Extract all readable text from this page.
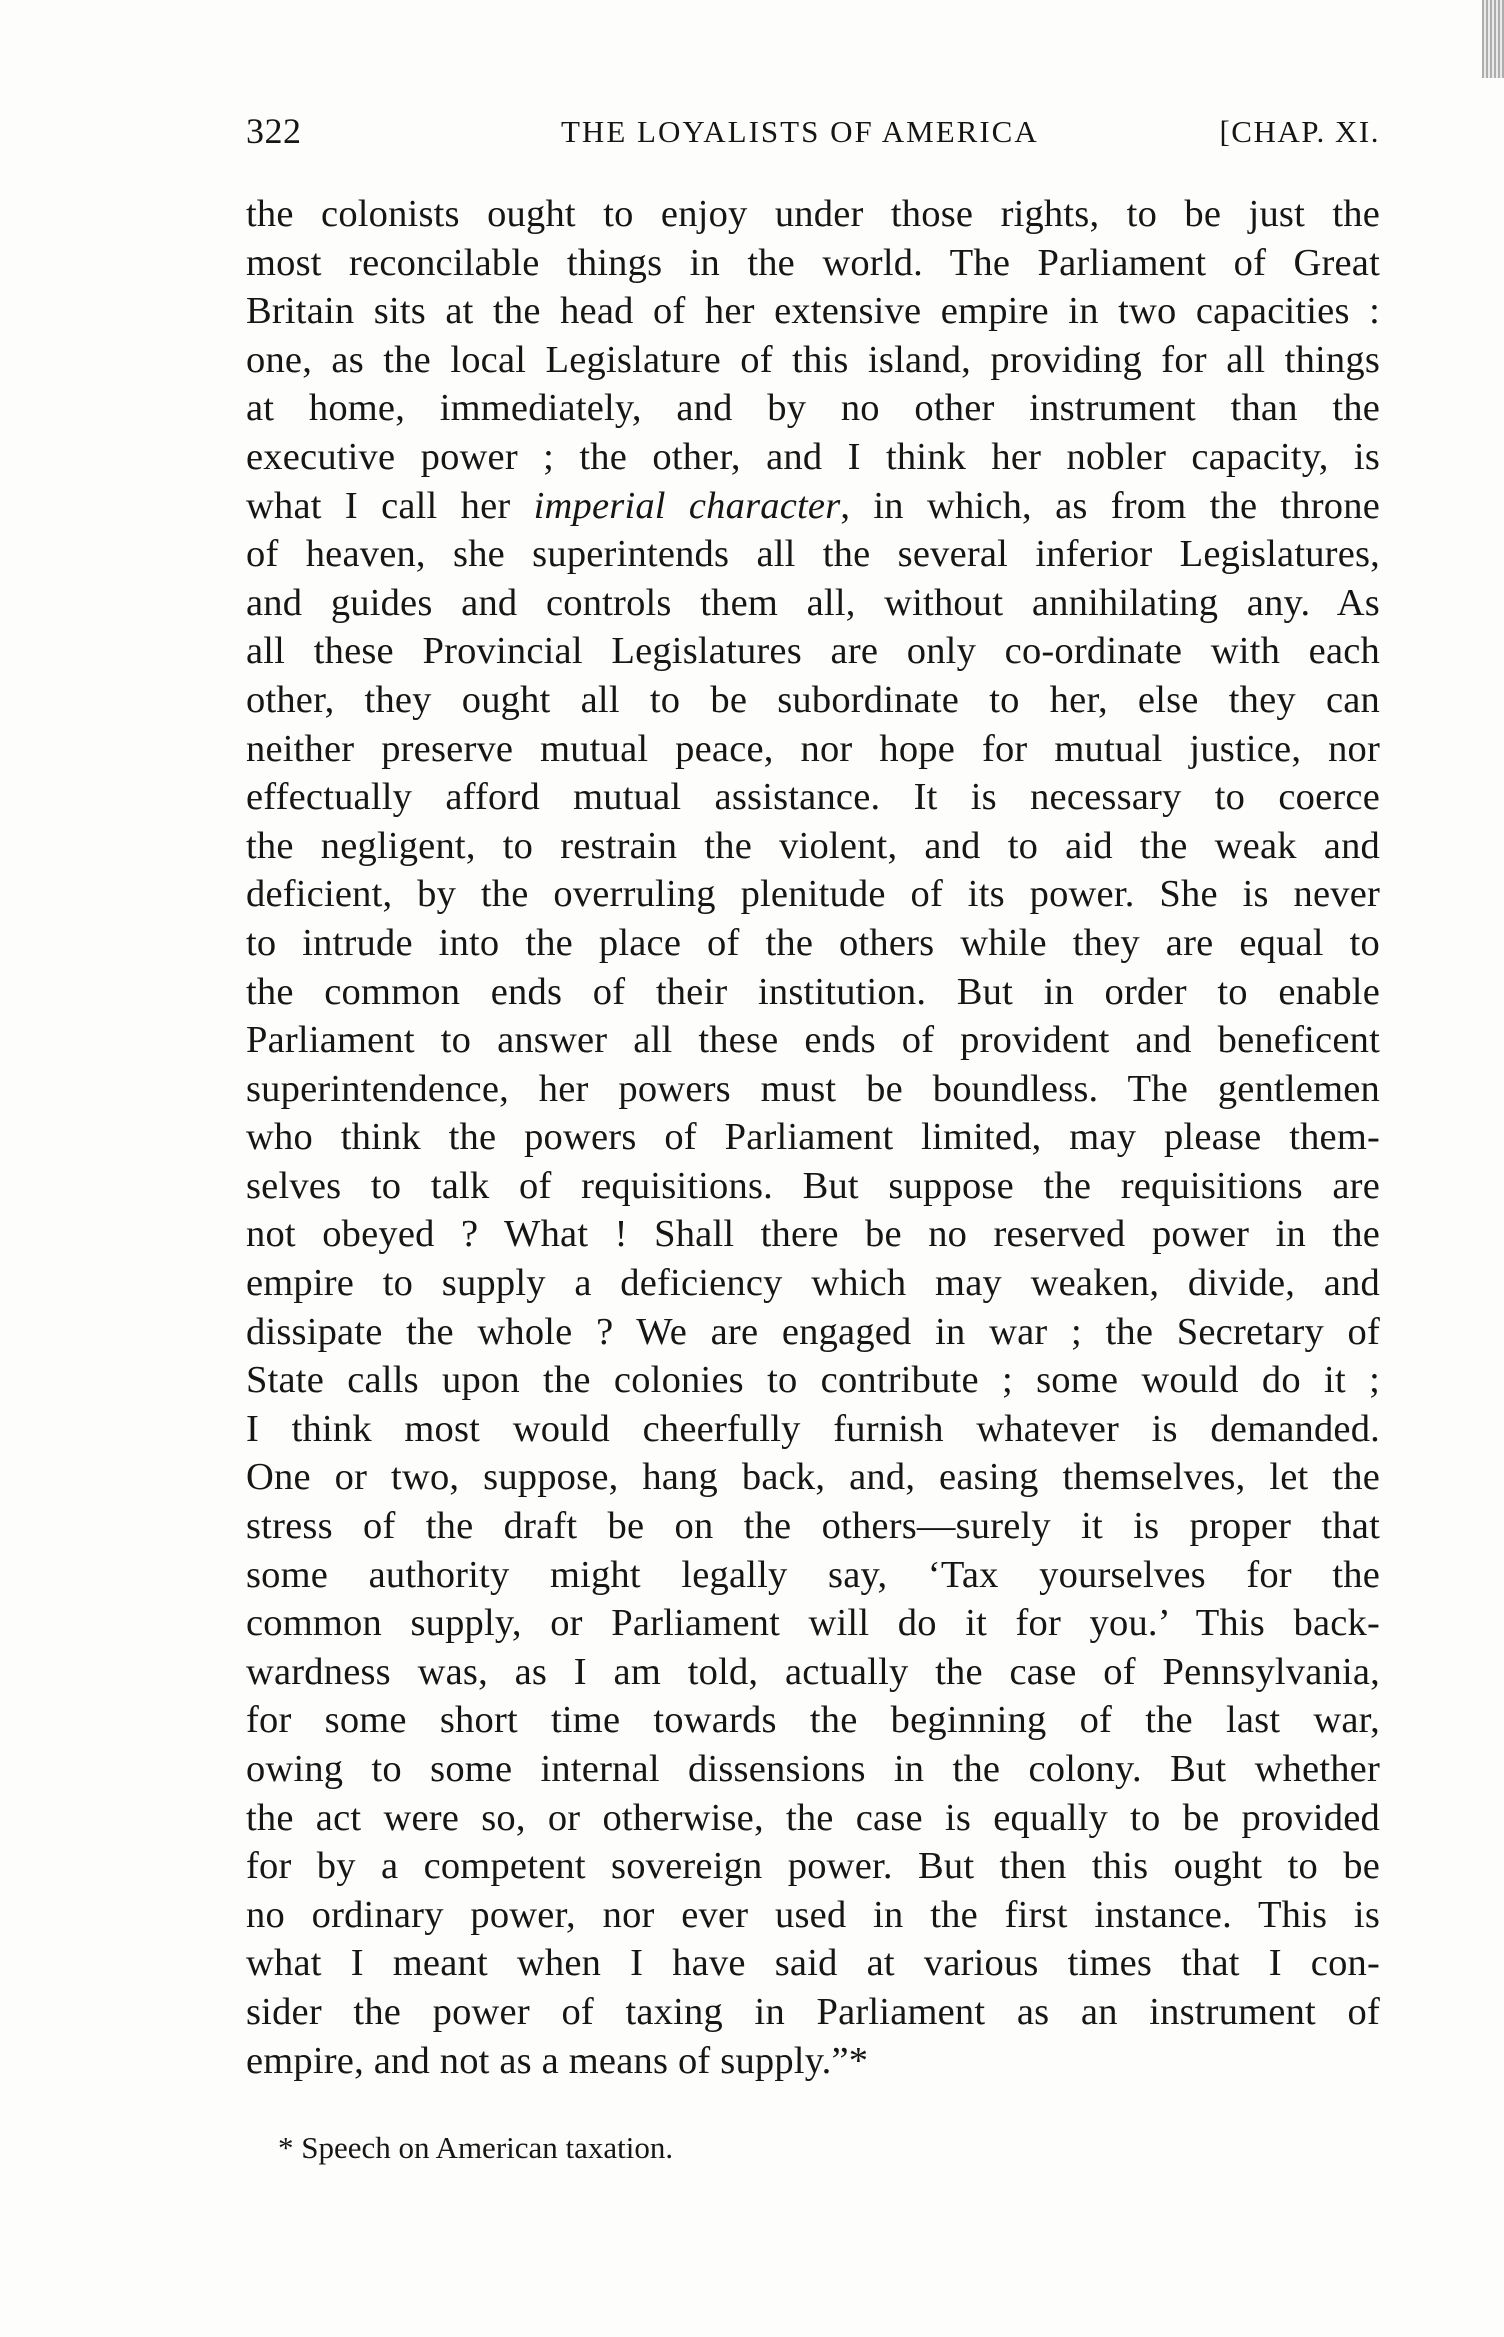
322	THE LOYALISTS OF AMERICA	[CHAP. XI.
the colonists ought to enjoy under those rights, to be just the
most reconcilable things in the world. The Parliament of Great
Britain sits at the head of her extensive empire in two capacities :
one, as the local Legislature of this island, providing for all things
at home, immediately, and by no other instrument than the
executive power ; the other, and I think her nobler capacity, is
what I call her imperial character, in which, as from the throne
of heaven, she superintends all the several inferior Legislatures,
and guides and controls them all, without annihilating any. As
all these Provincial Legislatures are only co-ordinate with each
other, they ought all to be subordinate to her, else they can
neither preserve mutual peace, nor hope for mutual justice, nor
effectually afford mutual assistance. It is necessary to coerce
the negligent, to restrain the violent, and to aid the weak and
deficient, by the overruling plenitude of its power. She is never
to intrude into the place of the others while they are equal to
the common ends of their institution. But in order to enable
Parliament to answer all these ends of provident and beneficent
superintendence, her powers must be boundless. The gentlemen
who think the powers of Parliament limited, may please them-
selves to talk of requisitions. But suppose the requisitions are
not obeyed ? What ! Shall there be no reserved power in the
empire to supply a deficiency which may weaken, divide, and
dissipate the whole ? We are engaged in war ; the Secretary of
State calls upon the colonies to contribute ; some would do it ;
I think most would cheerfully furnish whatever is demanded.
One or two, suppose, hang back, and, easing themselves, let the
stress of the draft be on the others—surely it is proper that
some authority might legally say, ‘Tax yourselves for the
common supply, or Parliament will do it for you.’ This back-
wardness was, as I am told, actually the case of Pennsylvania,
for some short time towards the beginning of the last war,
owing to some internal dissensions in the colony. But whether
the act were so, or otherwise, the case is equally to be provided
for by a competent sovereign power. But then this ought to be
no ordinary power, nor ever used in the first instance. This is
what I meant when I have said at various times that I con-
sider the power of taxing in Parliament as an instrument of
empire, and not as a means of supply.”*
* Speech on American taxation.
